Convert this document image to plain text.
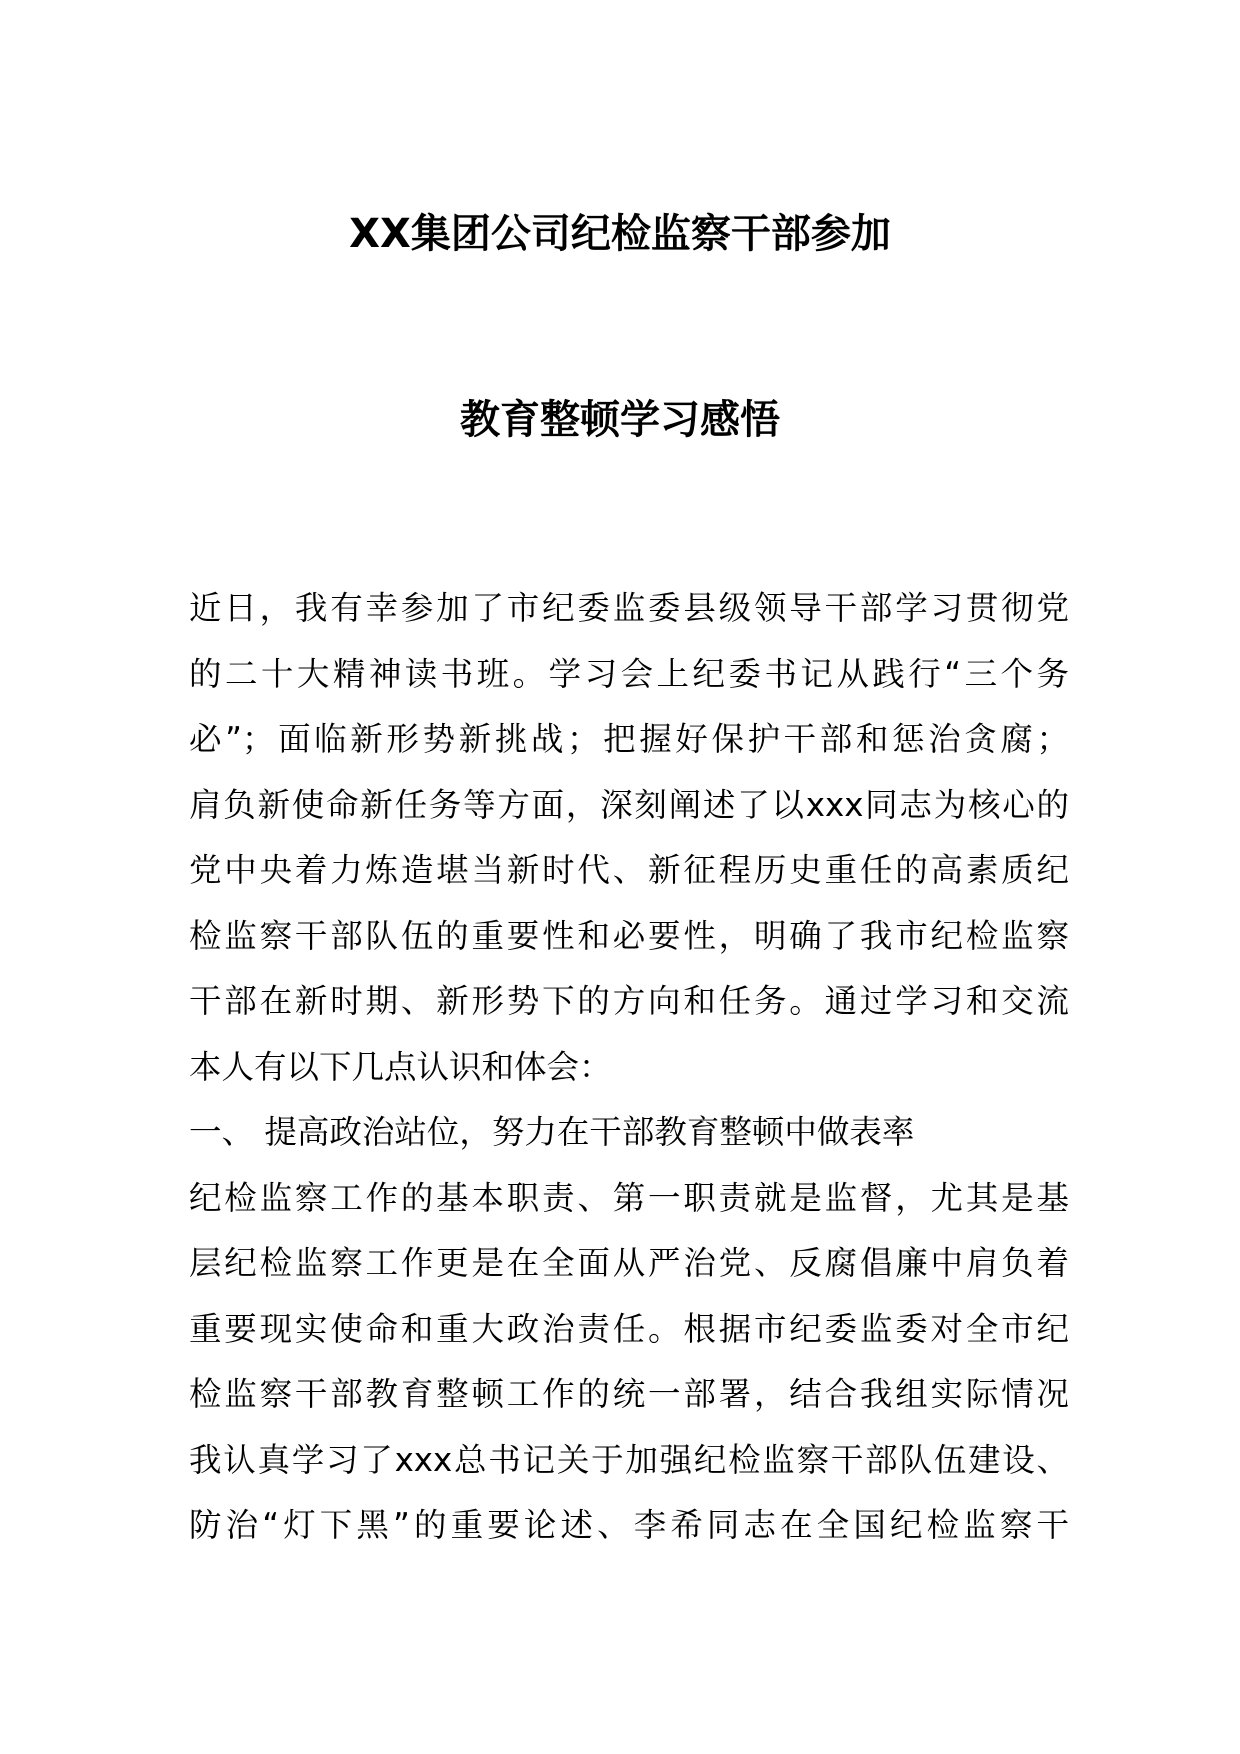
XX集团公司纪检监察干部参加
教育整顿学习感悟
近日，我有幸参加了市纪委监委县级领导干部学习贯彻党
的二十大精神读书班。学习会上纪委书记从践行“三个务
必”；面临新形势新挑战；把握好保护干部和惩治贪腐；
肩负新使命新任务等方面，深刻阐述了以xxx同志为核心的
党中央着力炼造堪当新时代、新征程历史重任的高素质纪
检监察干部队伍的重要性和必要性，明确了我市纪检监察
干部在新时期、新形势下的方向和任务。通过学习和交流
本人有以下几点认识和体会：
一、 提高政治站位，努力在干部教育整顿中做表率
纪检监察工作的基本职责、第一职责就是监督，尤其是基
层纪检监察工作更是在全面从严治党、反腐倡廉中肩负着
重要现实使命和重大政治责任。根据市纪委监委对全市纪
检监察干部教育整顿工作的统一部署，结合我组实际情况
我认真学习了xxx总书记关于加强纪检监察干部队伍建设、
防治“灯下黑”的重要论述、李希同志在全国纪检监察干
